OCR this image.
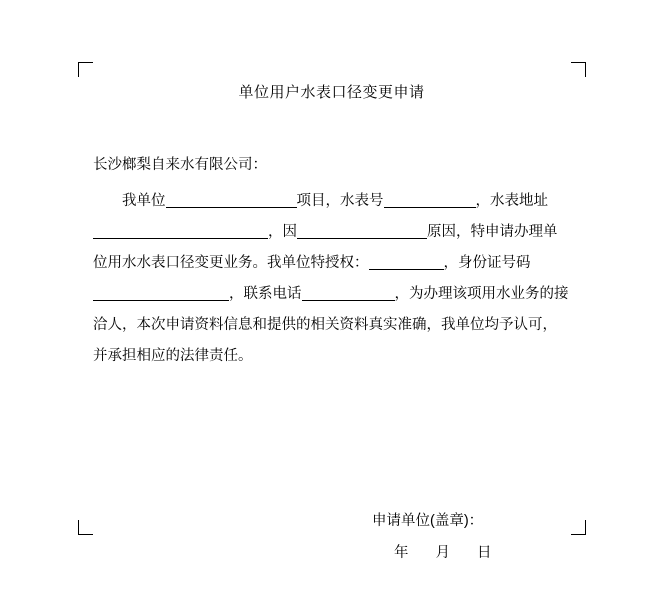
单位用户水表口径变更申请

长沙榔梨自来水有限公司：

我单位	项目，水表号	，水表地址，因	原因，特申请办理单位用水水表口径变更业务。我单位特授权：	，身份证号码，联系电话	，为办理该项用水业务的接洽人，本次申请资料信息和提供的相关资料真实准确，我单位均予认可，并承担相应的法律责任。

申请单位(盖章)：
年 月 日
